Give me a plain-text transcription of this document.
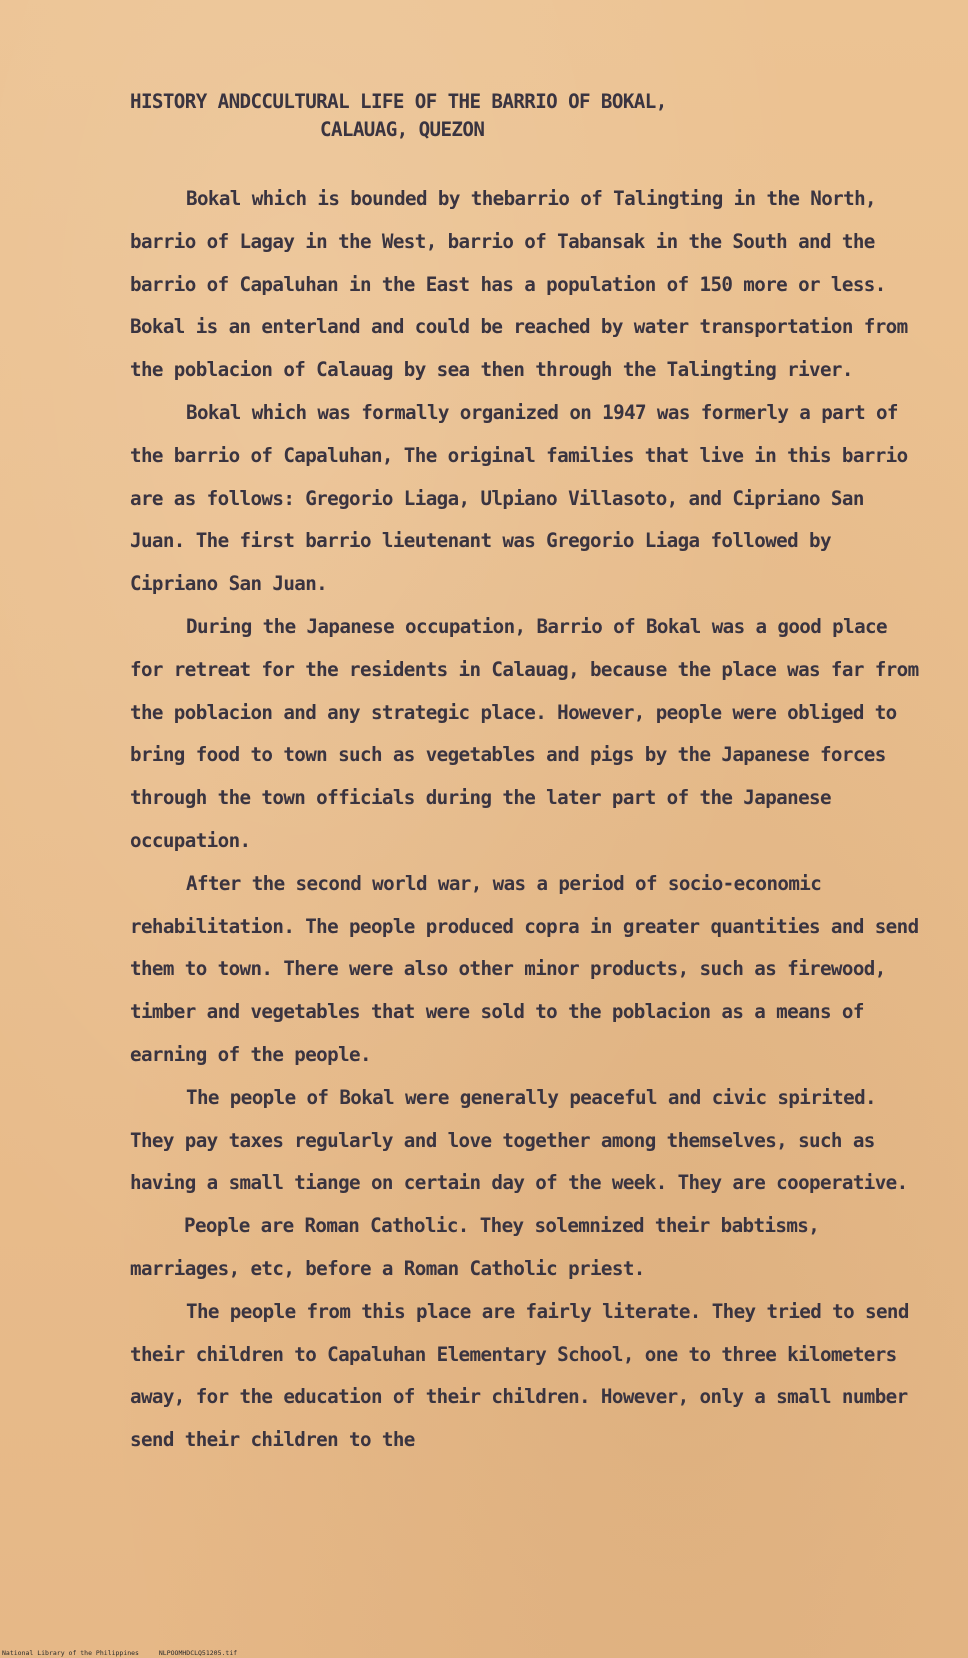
HISTORY ANDCCULTURAL LIFE OF THE BARRIO OF BOKAL,
CALAUAG, QUEZON

Bokal which is bounded by thebarrio of Talingting in the North, barrio of Lagay in the West, barrio of Tabansak in the South and the barrio of Capaluhan in the East has a population of 150 more or less. Bokal is an enterland and could be reached by water transportation from the poblacion of Calauag by sea then through the Talingting river.

Bokal which was formally organized on 1947 was formerly a part of the barrio of Capaluhan, The original families that live in this barrio are as follows: Gregorio Liaga, Ulpiano Villasoto, and Cipriano San Juan. The first barrio lieutenant was Gregorio Liaga followed by Cipriano San Juan.

During the Japanese occupation, Barrio of Bokal was a good place for retreat for the residents in Calauag, because the place was far from the poblacion and any strategic place. However, people were obliged to bring food to town such as vegetables and pigs by the Japanese forces through the town officials during the later part of the Japanese occupation.

After the second world war, was a period of socio-economic rehabilitation. The people produced copra in greater quantities and send them to town. There were also other minor products, such as firewood, timber and vegetables that were sold to the poblacion as a means of earning of the people.

The people of Bokal were generally peaceful and civic spirited. They pay taxes regularly and love together among themselves, such as having a small tiange on certain day of the week. They are cooperative.

People are Roman Catholic. They solemnized their babtisms, marriages, etc, before a Roman Catholic priest.

The people from this place are fairly literate. They tried to send their children to Capaluhan Elementary School, one to three kilometers away, for the education of their children. However, only a small number send their children to the

National Library of the Philippines	NLPOOMHDCLQ51205.tif
